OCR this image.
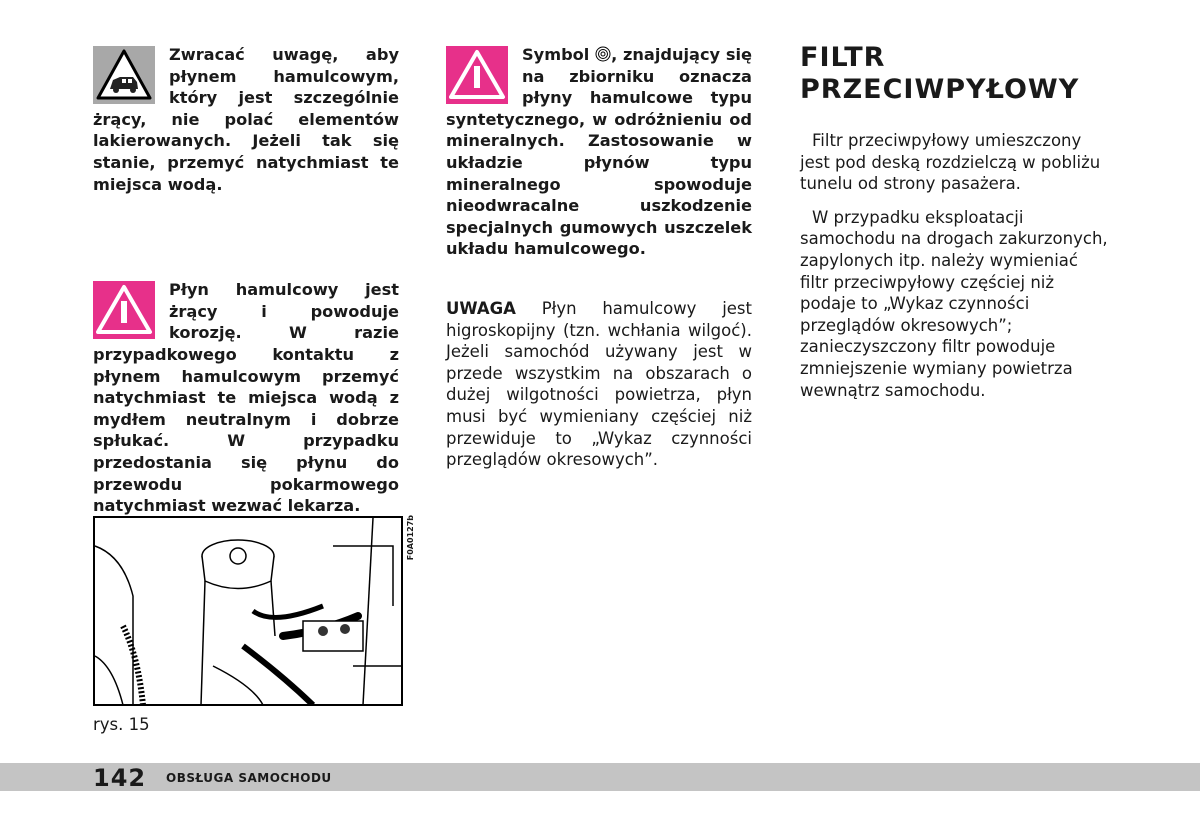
Zwracać uwagę, aby płynem hamulcowym, który jest szczególnie żrący, nie polać elementów lakierowanych. Jeżeli tak się stanie, przemyć natychmiast te miejsca wodą.

Płyn hamulcowy jest żrący i powoduje korozję. W razie przypadkowego kontaktu z płynem hamulcowym przemyć natychmiast te miejsca wodą z mydłem neutralnym i dobrze spłukać. W przypadku przedostania się płynu do przewodu pokarmowego natychmiast wezwać lekarza.

F0A0127b
rys. 15

Symbol , znajdujący się na zbiorniku oznacza płyny hamulcowe typu syntetycznego, w odróżnieniu od mineralnych. Zastosowanie w układzie płynów typu mineralnego spowoduje nieodwracalne uszkodzenie specjalnych gumowych uszczelek układu hamulcowego.

UWAGA Płyn hamulcowy jest higroskopijny (tzn. wchłania wilgoć). Jeżeli samochód używany jest w przede wszystkim na obszarach o dużej wilgotności powietrza, płyn musi być wymieniany częściej niż przewiduje to „Wykaz czynności przeglądów okresowych”.

FILTR
PRZECIWPYŁOWY

Filtr przeciwpyłowy umieszczony jest pod deską rozdzielczą w pobliżu tunelu od strony pasażera.

W przypadku eksploatacji samochodu na drogach zakurzonych, zapylonych itp. należy wymieniać filtr przeciwpyłowy częściej niż podaje to „Wykaz czynności przeglądów okresowych”; zanieczyszczony filtr powoduje zmniejszenie wymiany powietrza wewnątrz samochodu.

142 OBSŁUGA SAMOCHODU
